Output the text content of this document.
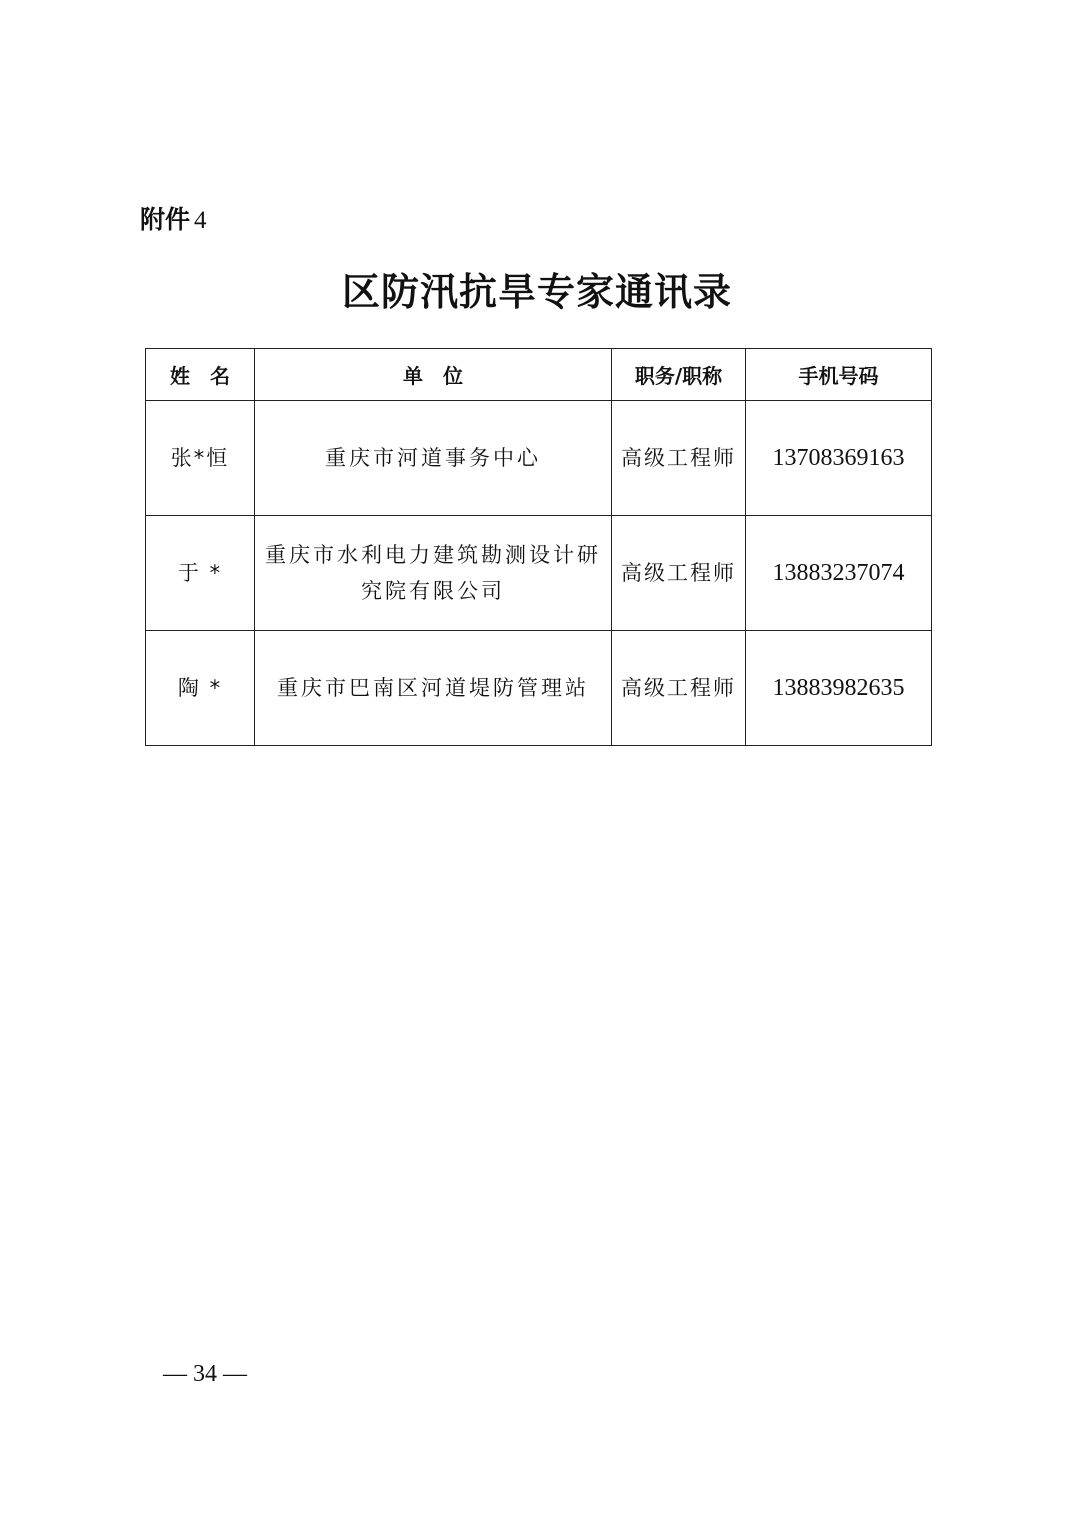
附件 4
区防汛抗旱专家通讯录
姓　名	单　位	职务/职称	手机号码
张*恒	重庆市河道事务中心	高级工程师	13708369163
于 *	重庆市水利电力建筑勘测设计研究院有限公司	高级工程师	13883237074
陶 *	重庆市巴南区河道堤防管理站	高级工程师	13883982635
— 34 —
